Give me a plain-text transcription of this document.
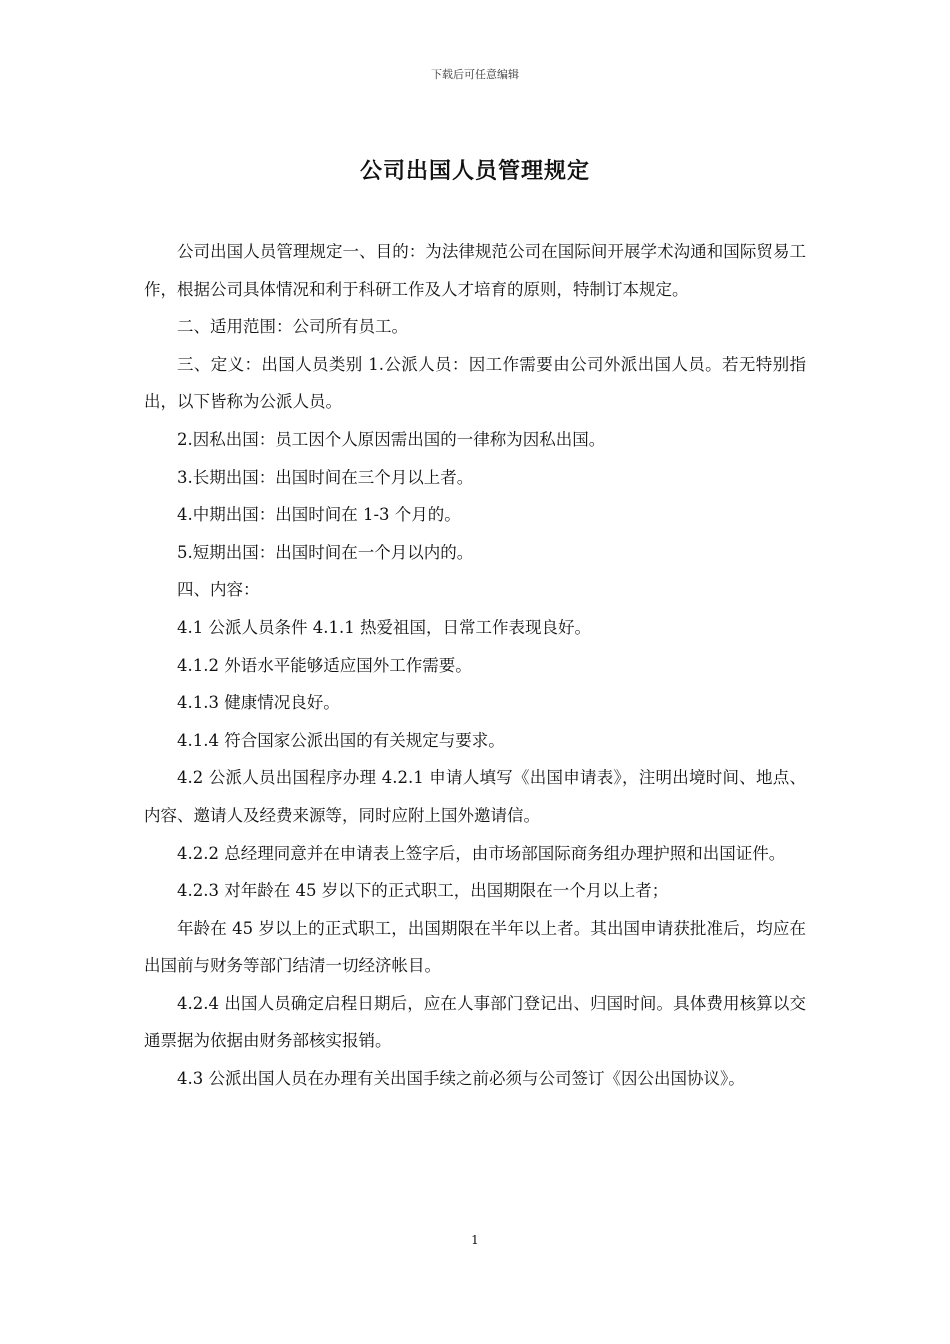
下载后可任意编辑
公司出国人员管理规定

公司出国人员管理规定一、目的：为法律规范公司在国际间开展学术沟通和国际贸易工作，根据公司具体情况和利于科研工作及人才培育的原则，特制订本规定。

二、适用范围：公司所有员工。

三、定义：出国人员类别 1.公派人员：因工作需要由公司外派出国人员。若无特别指出，以下皆称为公派人员。

2.因私出国：员工因个人原因需出国的一律称为因私出国。

3.长期出国：出国时间在三个月以上者。

4.中期出国：出国时间在 1-3 个月的。

5.短期出国：出国时间在一个月以内的。

四、内容：

4.1 公派人员条件 4.1.1 热爱祖国，日常工作表现良好。

4.1.2 外语水平能够适应国外工作需要。

4.1.3 健康情况良好。

4.1.4 符合国家公派出国的有关规定与要求。

4.2 公派人员出国程序办理 4.2.1 申请人填写《出国申请表》，注明出境时间、地点、内容、邀请人及经费来源等，同时应附上国外邀请信。

4.2.2 总经理同意并在申请表上签字后，由市场部国际商务组办理护照和出国证件。

4.2.3 对年龄在 45 岁以下的正式职工，出国期限在一个月以上者；

年龄在 45 岁以上的正式职工，出国期限在半年以上者。其出国申请获批准后，均应在出国前与财务等部门结清一切经济帐目。

4.2.4 出国人员确定启程日期后，应在人事部门登记出、归国时间。具体费用核算以交通票据为依据由财务部核实报销。

4.3 公派出国人员在办理有关出国手续之前必须与公司签订《因公出国协议》。

1
